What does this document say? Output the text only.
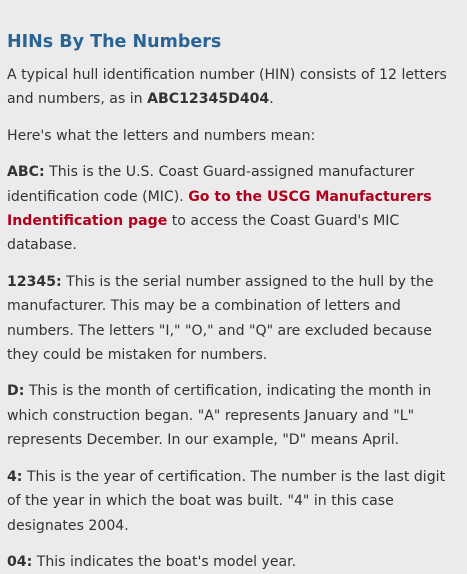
HINs By The Numbers

A typical hull identification number (HIN) consists of 12 letters and numbers, as in ABC12345D404.

Here's what the letters and numbers mean:

ABC: This is the U.S. Coast Guard-assigned manufacturer identification code (MIC). Go to the USCG Manufacturers Indentification page to access the Coast Guard's MIC database.

12345: This is the serial number assigned to the hull by the manufacturer. This may be a combination of letters and numbers. The letters "I," "O," and "Q" are excluded because they could be mistaken for numbers.

D: This is the month of certification, indicating the month in which construction began. "A" represents January and "L" represents December. In our example, "D" means April.

4: This is the year of certification. The number is the last digit of the year in which the boat was built. "4" in this case designates 2004.

04: This indicates the boat's model year.
